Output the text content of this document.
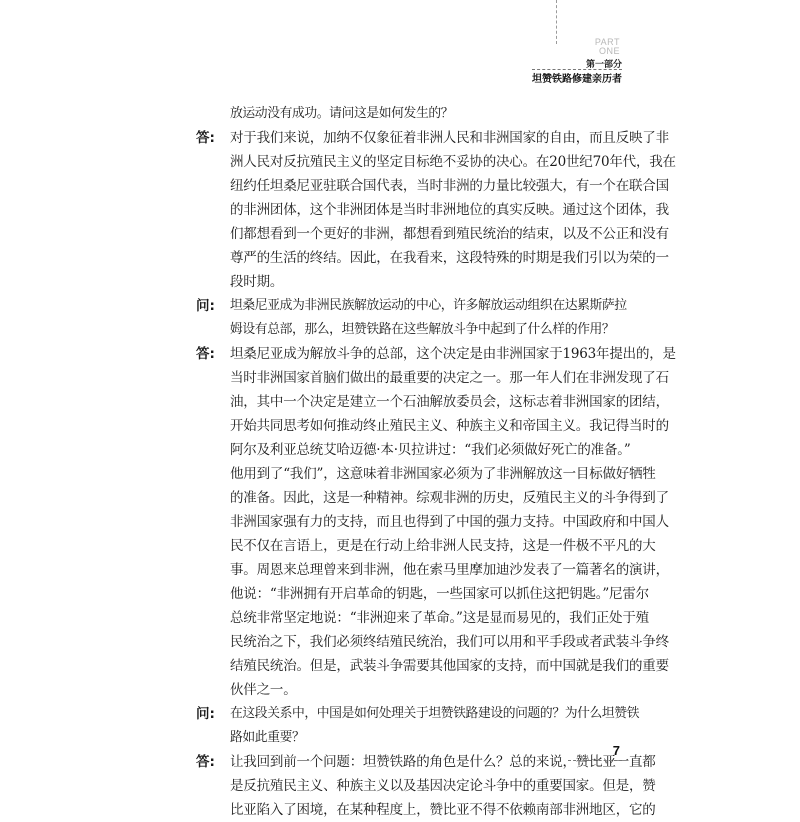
PART
ONE
第一部分
坦赞铁路修建亲历者
放运动没有成功。请问这是如何发生的？
答: 对于我们来说，加纳不仅象征着非洲人民和非洲国家的自由，而且反映了非
洲人民对反抗殖民主义的坚定目标绝不妥协的决心。在20世纪70年代，我在
纽约任坦桑尼亚驻联合国代表，当时非洲的力量比较强大，有一个在联合国
的非洲团体，这个非洲团体是当时非洲地位的真实反映。通过这个团体，我
们都想看到一个更好的非洲，都想看到殖民统治的结束，以及不公正和没有
尊严的生活的终结。因此，在我看来，这段特殊的时期是我们引以为荣的一
段时期。
问: 坦桑尼亚成为非洲民族解放运动的中心，许多解放运动组织在达累斯萨拉
姆设有总部，那么，坦赞铁路在这些解放斗争中起到了什么样的作用？
答: 坦桑尼亚成为解放斗争的总部，这个决定是由非洲国家于1963年提出的，是
当时非洲国家首脑们做出的最重要的决定之一。那一年人们在非洲发现了石
油，其中一个决定是建立一个石油解放委员会，这标志着非洲国家的团结，
开始共同思考如何推动终止殖民主义、种族主义和帝国主义。我记得当时的
阿尔及利亚总统艾哈迈德·本·贝拉讲过：“我们必须做好死亡的准备。”
他用到了“我们”，这意味着非洲国家必须为了非洲解放这一目标做好牺牲
的准备。因此，这是一种精神。综观非洲的历史，反殖民主义的斗争得到了
非洲国家强有力的支持，而且也得到了中国的强力支持。中国政府和中国人
民不仅在言语上，更是在行动上给非洲人民支持，这是一件极不平凡的大
事。周恩来总理曾来到非洲，他在索马里摩加迪沙发表了一篇著名的演讲，
他说：“非洲拥有开启革命的钥匙，一些国家可以抓住这把钥匙。”尼雷尔
总统非常坚定地说：“非洲迎来了革命。”这是显而易见的，我们正处于殖
民统治之下，我们必须终结殖民统治，我们可以用和平手段或者武装斗争终
结殖民统治。但是，武装斗争需要其他国家的支持，而中国就是我们的重要
伙伴之一。
问: 在这段关系中，中国是如何处理关于坦赞铁路建设的问题的？为什么坦赞铁
路如此重要？
答: 让我回到前一个问题：坦赞铁路的角色是什么？总的来说，赞比亚一直都
是反抗殖民主义、种族主义以及基因决定论斗争中的重要国家。但是，赞
比亚陷入了困境，在某种程度上，赞比亚不得不依赖南部非洲地区，它的
7
